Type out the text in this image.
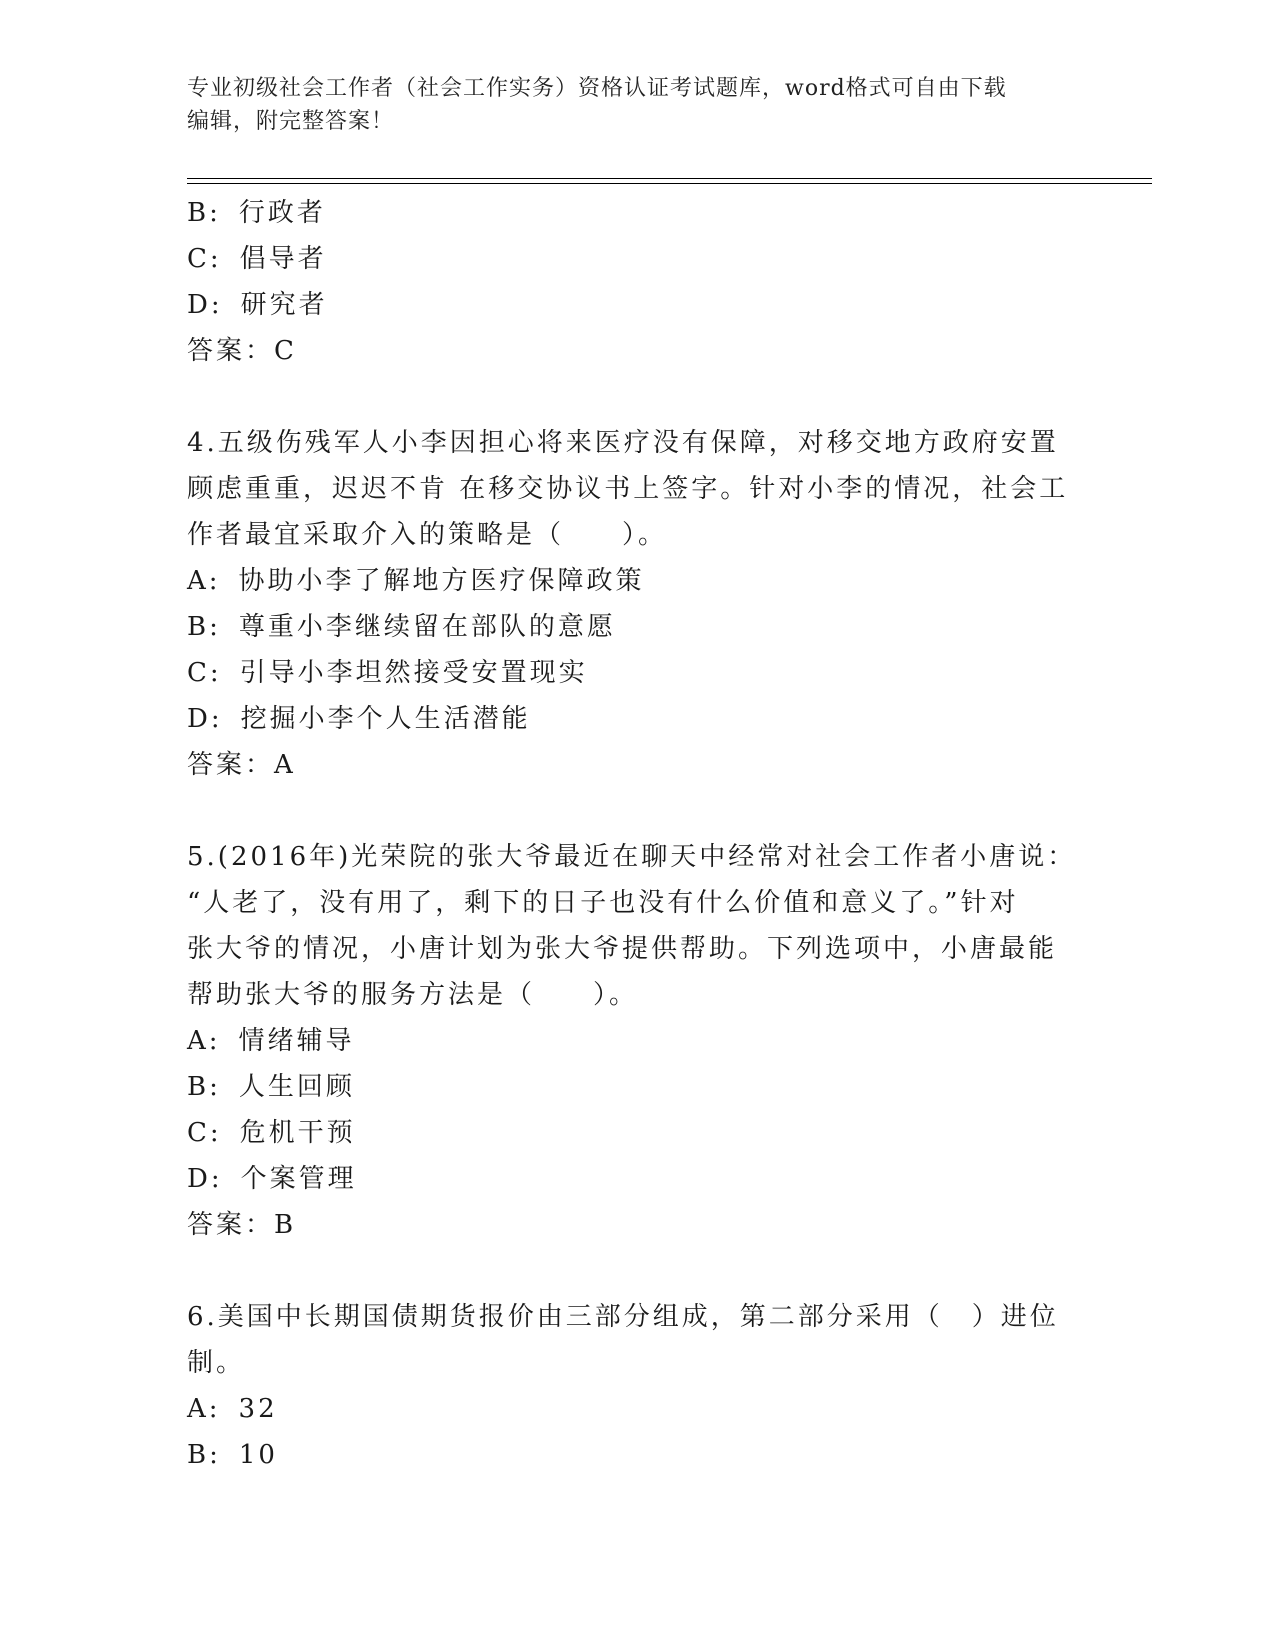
专业初级社会工作者（社会工作实务）资格认证考试题库，word格式可自由下载
编辑，附完整答案！
B: 行政者
C: 倡导者
D: 研究者
答案：C
4.五级伤残军人小李因担心将来医疗没有保障，对移交地方政府安置
顾虑重重，迟迟不肯 在移交协议书上签字。针对小李的情况，社会工
作者最宜采取介入的策略是（　　）。
A: 协助小李了解地方医疗保障政策
B: 尊重小李继续留在部队的意愿
C: 引导小李坦然接受安置现实
D: 挖掘小李个人生活潜能
答案：A
5.(2016年)光荣院的张大爷最近在聊天中经常对社会工作者小唐说：
“人老了，没有用了，剩下的日子也没有什么价值和意义了。”针对
张大爷的情况，小唐计划为张大爷提供帮助。下列选项中，小唐最能
帮助张大爷的服务方法是（　　）。
A: 情绪辅导
B: 人生回顾
C: 危机干预
D: 个案管理
答案：B
6.美国中长期国债期货报价由三部分组成，第二部分采用（　）进位
制。
A: 32
B: 10
